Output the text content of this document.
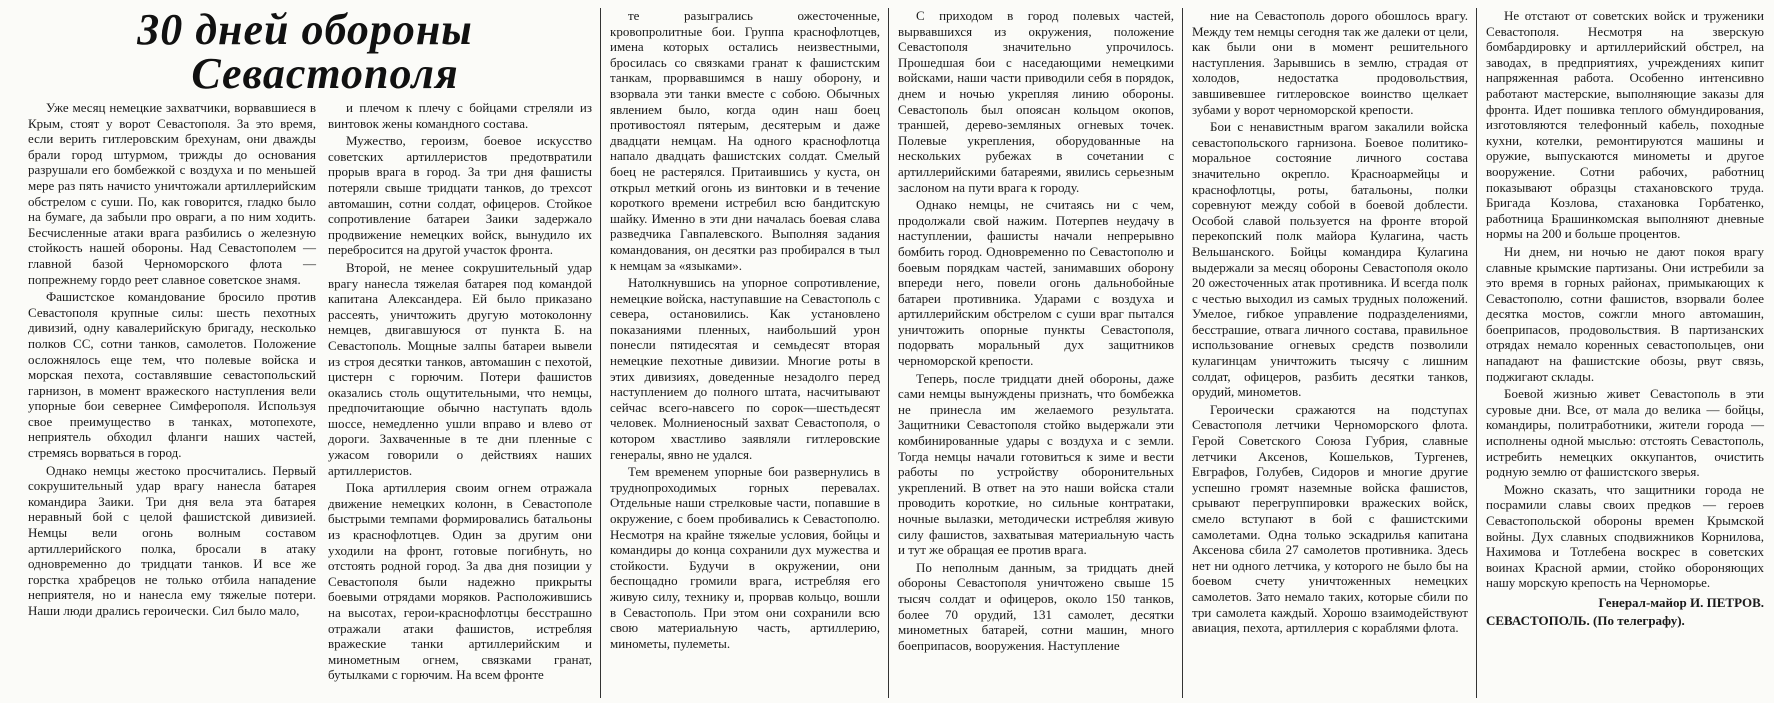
30 дней обороны
Севастополя

Уже месяц немецкие захватчики, ворвавшиеся в Крым, стоят у ворот Севастополя. За это время, если верить гитлеровским брехунам, они дважды брали город штурмом, трижды до основания разрушали его бомбежкой с воздуха и по меньшей мере раз пять начисто уничтожали артиллерийским обстрелом с суши. По, как говорится, гладко было на бумаге, да забыли про овраги, а по ним ходить. Бесчисленные атаки врага разбились о железную стойкость нашей обороны. Над Севастополем — главной базой Черноморского флота — попрежнему гордо реет славное советское знамя.

Фашистское командование бросило против Севастополя крупные силы: шесть пехотных дивизий, одну кавалерийскую бригаду, несколько полков СС, сотни танков, самолетов. Положение осложнялось еще тем, что полевые войска и морская пехота, составлявшие севастопольский гарнизон, в момент вражеского наступления вели упорные бои севернее Симферополя. Используя свое преимущество в танках, мотопехоте, неприятель обходил фланги наших частей, стремясь ворваться в город.

Однако немцы жестоко просчитались. Первый сокрушительный удар врагу нанесла батарея командира Заики. Три дня вела эта батарея неравный бой с целой фашистской дивизией. Немцы вели огонь волным составом артиллерийского полка, бросали в атаку одновременно до тридцати танков. И все же горстка храбрецов не только отбила нападение неприятеля, но и нанесла ему тяжелые потери. Наши люди дрались героически. Сил было мало,

и плечом к плечу с бойцами стреляли из винтовок жены командного состава.

Мужество, героизм, боевое искусство советских артиллеристов предотвратили прорыв врага в город. За три дня фашисты потеряли свыше тридцати танков, до трехсот автомашин, сотни солдат, офицеров. Стойкое сопротивление батареи Заики задержало продвижение немецких войск, вынудило их перебросится на другой участок фронта.

Второй, не менее сокрушительный удар врагу нанесла тяжелая батарея под командой капитана Александера. Ей было приказано рассеять, уничтожить другую мотоколонну немцев, двигавшуюся от пункта Б. на Севастополь. Мощные залпы батареи вывели из строя десятки танков, автомашин с пехотой, цистерн с горючим. Потери фашистов оказались столь ощутительными, что немцы, предпочитающие обычно наступать вдоль шоссе, немедленно ушли вправо и влево от дороги. Захваченные в те дни пленные с ужасом говорили о действиях наших артиллеристов.

Пока артиллерия своим огнем отражала движение немецких колонн, в Севастополе быстрыми темпами формировались батальоны из краснофлотцев. Один за другим они уходили на фронт, готовые погибнуть, но отстоять родной город. За два дня позиции у Севастополя были надежно прикрыты боевыми отрядами моряков. Расположившись на высотах, герои-краснофлотцы бесстрашно отражали атаки фашистов, истребляя вражеские танки артиллерийским и минометным огнем, связками гранат, бутылками с горючим. На всем фронте

те разыгрались ожесточенные, кровопролитные бои. Группа краснофлотцев, имена которых остались неизвестными, бросилась со связками гранат к фашистским танкам, прорвавшимся в нашу оборону, и взорвала эти танки вместе с собою. Обычных явлением было, когда один наш боец противостоял пятерым, десятерым и даже двадцати немцам. На одного краснофлотца напало двадцать фашистских солдат. Смелый боец не растерялся. Притаившись у куста, он открыл меткий огонь из винтовки и в течение короткого времени истребил всю бандитскую шайку. Именно в эти дни началась боевая слава разведчика Гавпалевского. Выполняя задания командования, он десятки раз пробирался в тыл к немцам за «языками».

Натолкнувшись на упорное сопротивление, немецкие войска, наступавшие на Севастополь с севера, остановились. Как установлено показаниями пленных, наибольший урон понесли пятидесятая и семьдесят вторая немецкие пехотные дивизии. Многие роты в этих дивизиях, доведенные незадолго перед наступлением до полного штата, насчитывают сейчас всего-навсего по сорок—шестьдесят человек. Молниеносный захват Севастополя, о котором хвастливо заявляли гитлеровские генералы, явно не удался.

Тем временем упорные бои развернулись в труднопроходимых горных перевалах. Отдельные наши стрелковые части, попавшие в окружение, с боем пробивались к Севастополю. Несмотря на крайне тяжелые условия, бойцы и командиры до конца сохранили дух мужества и стойкости. Будучи в окружении, они беспощадно громили врага, истребляя его живую силу, технику и, прорвав кольцо, вошли в Севастополь. При этом они сохранили всю свою материальную часть, артиллерию, минометы, пулеметы.

С приходом в город полевых частей, вырвавшихся из окружения, положение Севастополя значительно упрочилось. Прошедшая бои с наседающими немецкими войсками, наши части приводили себя в порядок, днем и ночью укрепляя линию обороны. Севастополь был опоясан кольцом окопов, траншей, дерево-земляных огневых точек. Полевые укрепления, оборудованные на нескольких рубежах в сочетании с артиллерийскими батареями, явились серьезным заслоном на пути врага к городу.

Однако немцы, не считаясь ни с чем, продолжали свой нажим. Потерпев неудачу в наступлении, фашисты начали непрерывно бомбить город. Одновременно по Севастополю и боевым порядкам частей, занимавших оборону впереди него, повели огонь дальнобойные батареи противника. Ударами с воздуха и артиллерийским обстрелом с суши враг пытался уничтожить опорные пункты Севастополя, подорвать моральный дух защитников черноморской крепости.

Теперь, после тридцати дней обороны, даже сами немцы вынуждены признать, что бомбежка не принесла им желаемого результата. Защитники Севастополя стойко выдержали эти комбинированные удары с воздуха и с земли. Тогда немцы начали готовиться к зиме и вести работы по устройству оборонительных укреплений. В ответ на это наши войска стали проводить короткие, но сильные контратаки, ночные вылазки, методически истребляя живую силу фашистов, захватывая материальную часть и тут же обращая ее против врага.

По неполным данным, за тридцать дней обороны Севастополя уничтожено свыше 15 тысяч солдат и офицеров, около 150 танков, более 70 орудий, 131 самолет, десятки минометных батарей, сотни машин, много боеприпасов, вооружения. Наступление

ние на Севастополь дорого обошлось врагу. Между тем немцы сегодня так же далеки от цели, как были они в момент решительного наступления. Зарывшись в землю, страдая от холодов, недостатка продовольствия, завшивевшее гитлеровское воинство щелкает зубами у ворот черноморской крепости.

Бои с ненавистным врагом закалили войска севастопольского гарнизона. Боевое политико-моральное состояние личного состава значительно окрепло. Красноармейцы и краснофлотцы, роты, батальоны, полки соревнуют между собой в боевой доблести. Особой славой пользуется на фронте второй перекопский полк майора Кулагина, часть Вельшанского. Бойцы командира Кулагина выдержали за месяц обороны Севастополя около 20 ожесточенных атак противника. И всегда полк с честью выходил из самых трудных положений. Умелое, гибкое управление подразделениями, бесстрашие, отвага личного состава, правильное использование огневых средств позволили кулагинцам уничтожить тысячу с лишним солдат, офицеров, разбить десятки танков, орудий, минометов.

Героически сражаются на подступах Севастополя летчики Черноморского флота. Герой Советского Союза Губрия, славные летчики Аксенов, Кошельков, Тургенев, Евграфов, Голубев, Сидоров и многие другие успешно громят наземные войска фашистов, срывают перегруппировки вражеских войск, смело вступают в бой с фашистскими самолетами. Одна только эскадрилья капитана Аксенова сбила 27 самолетов противника. Здесь нет ни одного летчика, у которого не было бы на боевом счету уничтоженных немецких самолетов. Зато немало таких, которые сбили по три самолета каждый. Хорошо взаимодействуют авиация, пехота, артиллерия с кораблями флота.

Не отстают от советских войск и труженики Севастополя. Несмотря на зверскую бомбардировку и артиллерийский обстрел, на заводах, в предприятиях, учреждениях кипит напряженная работа. Особенно интенсивно работают мастерские, выполняющие заказы для фронта. Идет пошивка теплого обмундирования, изготовляются телефонный кабель, походные кухни, котелки, ремонтируются машины и оружие, выпускаются минометы и другое вооружение. Сотни рабочих, работниц показывают образцы стахановского труда. Бригада Козлова, стахановка Горбатенко, работница Брашинкомская выполняют дневные нормы на 200 и больше процентов.

Ни днем, ни ночью не дают покоя врагу славные крымские партизаны. Они истребили за это время в горных районах, примыкающих к Севастополю, сотни фашистов, взорвали более десятка мостов, сожгли много автомашин, боеприпасов, продовольствия. В партизанских отрядах немало коренных севастопольцев, они нападают на фашистские обозы, рвут связь, поджигают склады.

Боевой жизнью живет Севастополь в эти суровые дни. Все, от мала до велика — бойцы, командиры, политработники, жители города — исполнены одной мыслью: отстоять Севастополь, истребить немецких оккупантов, очистить родную землю от фашистского зверья.

Можно сказать, что защитники города не посрамили славы своих предков — героев Севастопольской обороны времен Крымской войны. Дух славных сподвижников Корнилова, Нахимова и Тотлебена воскрес в советских воинах Красной армии, стойко обороняющих нашу морскую крепость на Черноморье.

Генерал-майор И. ПЕТРОВ.

СЕВАСТОПОЛЬ. (По телеграфу).
